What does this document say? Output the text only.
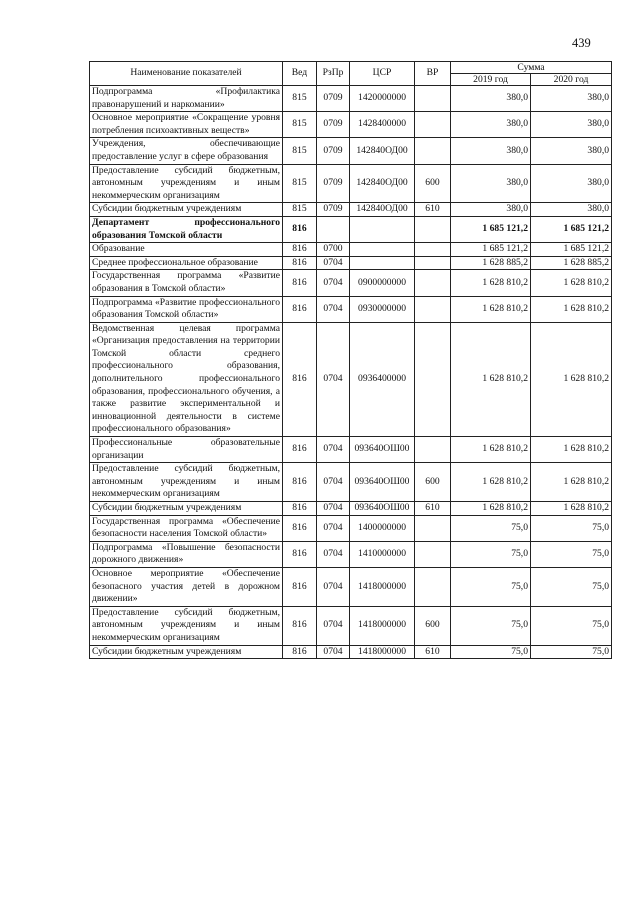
439
Наименование показателей	Вед	РзПр	ЦСР	ВР	Сумма	
					2019 год	2020 год
Подпрограмма «Профилактика правонарушений и наркомании»	815	0709	1420000000		380,0	380,0
Основное мероприятие «Сокращение уровня потребления психоактивных веществ»	815	0709	1428400000		380,0	380,0
Учреждения, обеспечивающие предоставление услуг в сфере образования	815	0709	142840ОД00		380,0	380,0
Предоставление субсидий бюджетным, автономным учреждениям и иным некоммерческим организациям	815	0709	142840ОД00	600	380,0	380,0
Субсидии бюджетным учреждениям	815	0709	142840ОД00	610	380,0	380,0
Департамент профессионального образования Томской области	816				1 685 121,2	1 685 121,2
Образование	816	0700			1 685 121,2	1 685 121,2
Среднее профессиональное образование	816	0704			1 628 885,2	1 628 885,2
Государственная программа «Развитие образования в Томской области»	816	0704	0900000000		1 628 810,2	1 628 810,2
Подпрограмма «Развитие профессионального образования Томской области»	816	0704	0930000000		1 628 810,2	1 628 810,2
Ведомственная целевая программа «Организация предоставления на территории Томской области среднего профессионального образования, дополнительного профессионального образования, профессионального обучения, а также развитие экспериментальной и инновационной деятельности в системе профессионального образования»	816	0704	0936400000		1 628 810,2	1 628 810,2
Профессиональные образовательные организации	816	0704	093640ОШ00		1 628 810,2	1 628 810,2
Предоставление субсидий бюджетным, автономным учреждениям и иным некоммерческим организациям	816	0704	093640ОШ00	600	1 628 810,2	1 628 810,2
Субсидии бюджетным учреждениям	816	0704	093640ОШ00	610	1 628 810,2	1 628 810,2
Государственная программа «Обеспечение безопасности населения Томской области»	816	0704	1400000000		75,0	75,0
Подпрограмма «Повышение безопасности дорожного движения»	816	0704	1410000000		75,0	75,0
Основное мероприятие «Обеспечение безопасного участия детей в дорожном движении»	816	0704	1418000000		75,0	75,0
Предоставление субсидий бюджетным, автономным учреждениям и иным некоммерческим организациям	816	0704	1418000000	600	75,0	75,0
Субсидии бюджетным учреждениям	816	0704	1418000000	610	75,0	75,0
